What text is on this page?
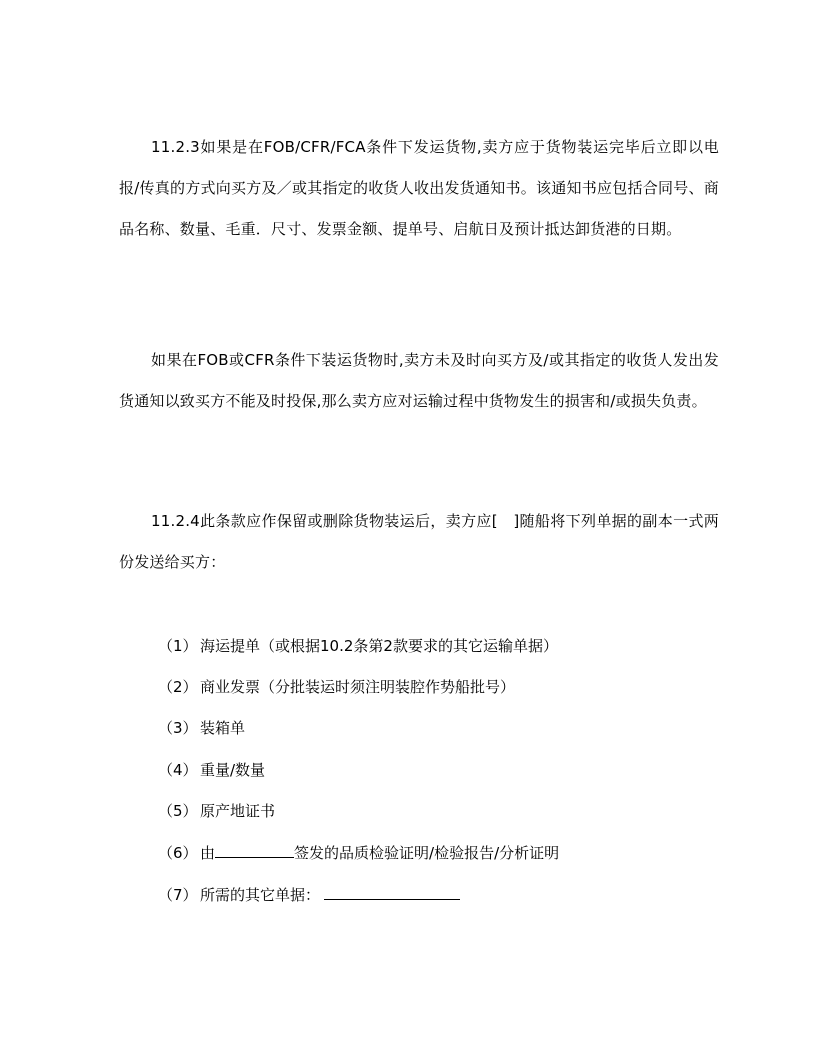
11.2.3如果是在FOB/CFR/FCA条件下发运货物,卖方应于货物装运完毕后立即以电报/传真的方式向买方及／或其指定的收货人收出发货通知书。该通知书应包括合同号、商品名称、数量、毛重．尺寸、发票金额、提单号、启航日及预计抵达卸货港的日期。

如果在FOB或CFR条件下装运货物时,卖方未及时向买方及/或其指定的收货人发出发货通知以致买方不能及时投保,那么卖方应对运输过程中货物发生的损害和/或损失负责。

11.2.4此条款应作保留或删除货物装运后，卖方应[　]随船将下列单据的副本一式两份发送给买方：

（1） 海运提单（或根据10.2条第2款要求的其它运输单据）
（2） 商业发票（分批装运时须注明装腔作势船批号）
（3） 装箱单
（4） 重量/数量
（5） 原产地证书
（6） 由	签发的品质检验证明/检验报告/分析证明
（7） 所需的其它单据：
